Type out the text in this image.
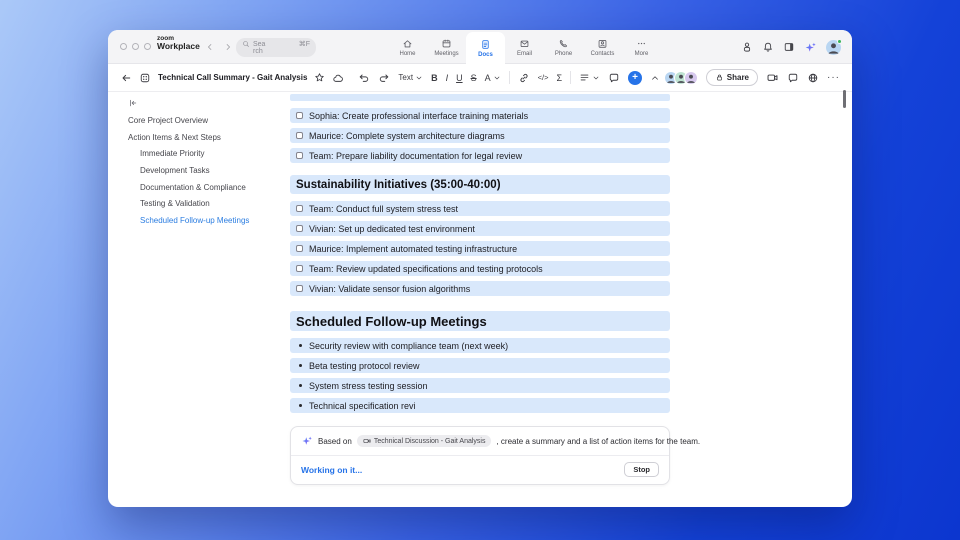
zoom
Workplace	Sea	⌘F
rch	Home	Meetings	Docs	Email	Phone	Contacts	More
Technical Call Summary - Gait Analysis	Text B I U S A	</> Σ	+	Share	···
Core Project Overview
Action Items & Next Steps
Immediate Priority
Development Tasks
Documentation & Compliance
Testing & Validation
Scheduled Follow-up Meetings
Sophia: Create professional interface training materials
Maurice: Complete system architecture diagrams
Team: Prepare liability documentation for legal review
Sustainability Initiatives (35:00-40:00)
Team: Conduct full system stress test
Vivian: Set up dedicated test environment
Maurice: Implement automated testing infrastructure
Team: Review updated specifications and testing protocols
Vivian: Validate sensor fusion algorithms
Scheduled Follow-up Meetings
Security review with compliance team (next week)
Beta testing protocol review
System stress testing session
Technical specification revi
Based on	Technical Discussion - Gait Analysis , create a summary and a list of action items for the team.
Working on it...	Stop
